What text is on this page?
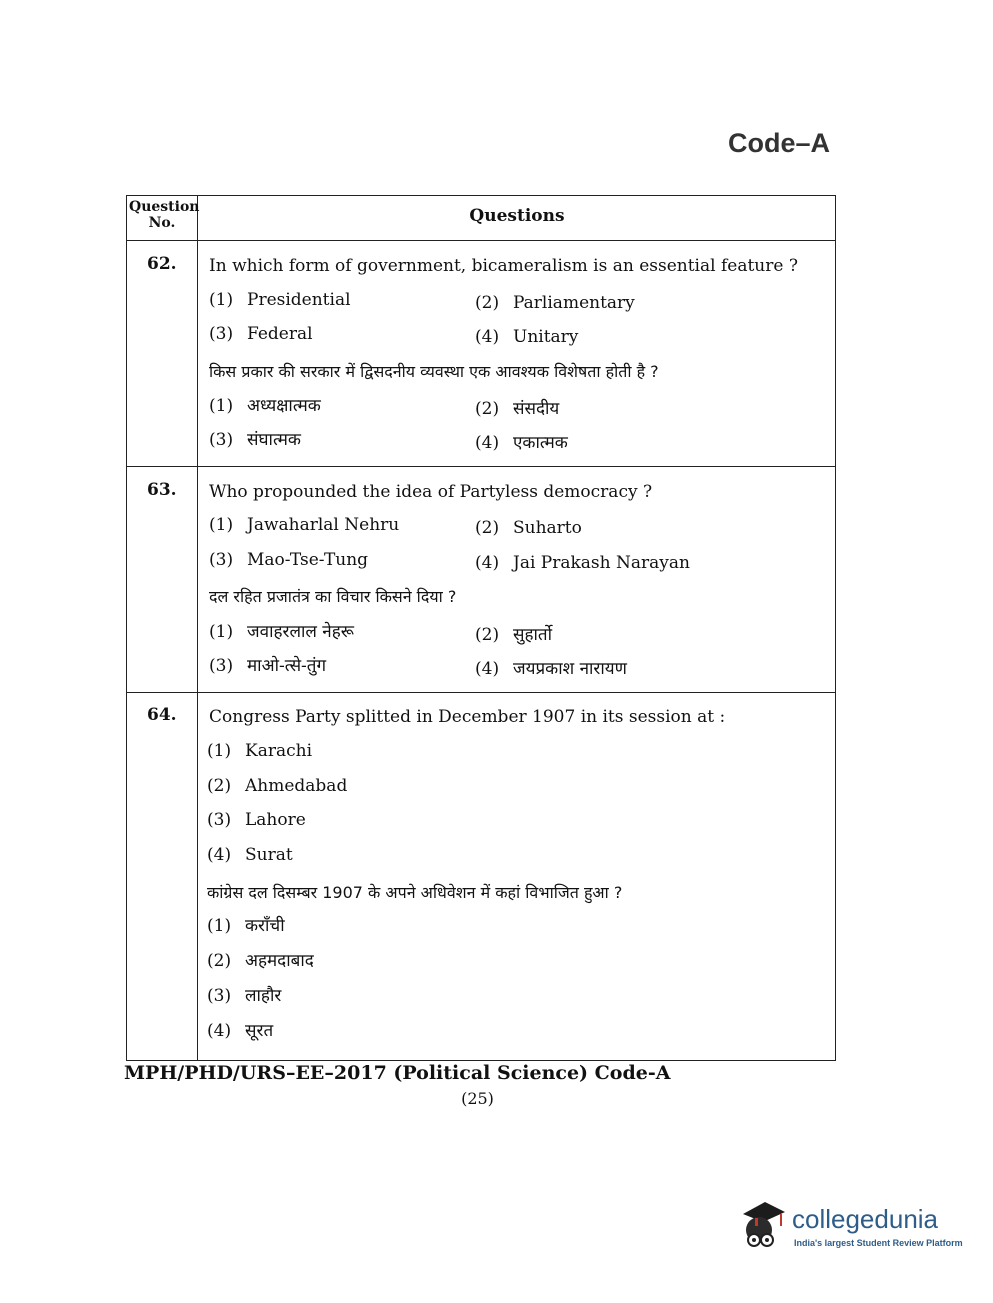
Code–A
Question No.	Questions
62. In which form of government, bicameralism is an essential feature ?
(1) Presidential	(2) Parliamentary
(3) Federal	(4) Unitary
किस प्रकार की सरकार में द्विसदनीय व्यवस्था एक आवश्यक विशेषता होती है ?
(1) अध्यक्षात्मक	(2) संसदीय
(3) संघात्मक	(4) एकात्मक
63. Who propounded the idea of Partyless democracy ?
(1) Jawaharlal Nehru	(2) Suharto
(3) Mao-Tse-Tung	(4) Jai Prakash Narayan
दल रहित प्रजातंत्र का विचार किसने दिया ?
(1) जवाहरलाल नेहरू	(2) सुहार्तो
(3) माओ-त्से-तुंग	(4) जयप्रकाश नारायण
64. Congress Party splitted in December 1907 in its session at :
(1) Karachi
(2) Ahmedabad
(3) Lahore
(4) Surat
कांग्रेस दल दिसम्बर 1907 के अपने अधिवेशन में कहां विभाजित हुआ ?
(1) कराँची
(2) अहमदाबाद
(3) लाहौर
(4) सूरत
MPH/PHD/URS–EE–2017 (Political Science) Code-A
(25)
collegedunia
India's largest Student Review Platform
